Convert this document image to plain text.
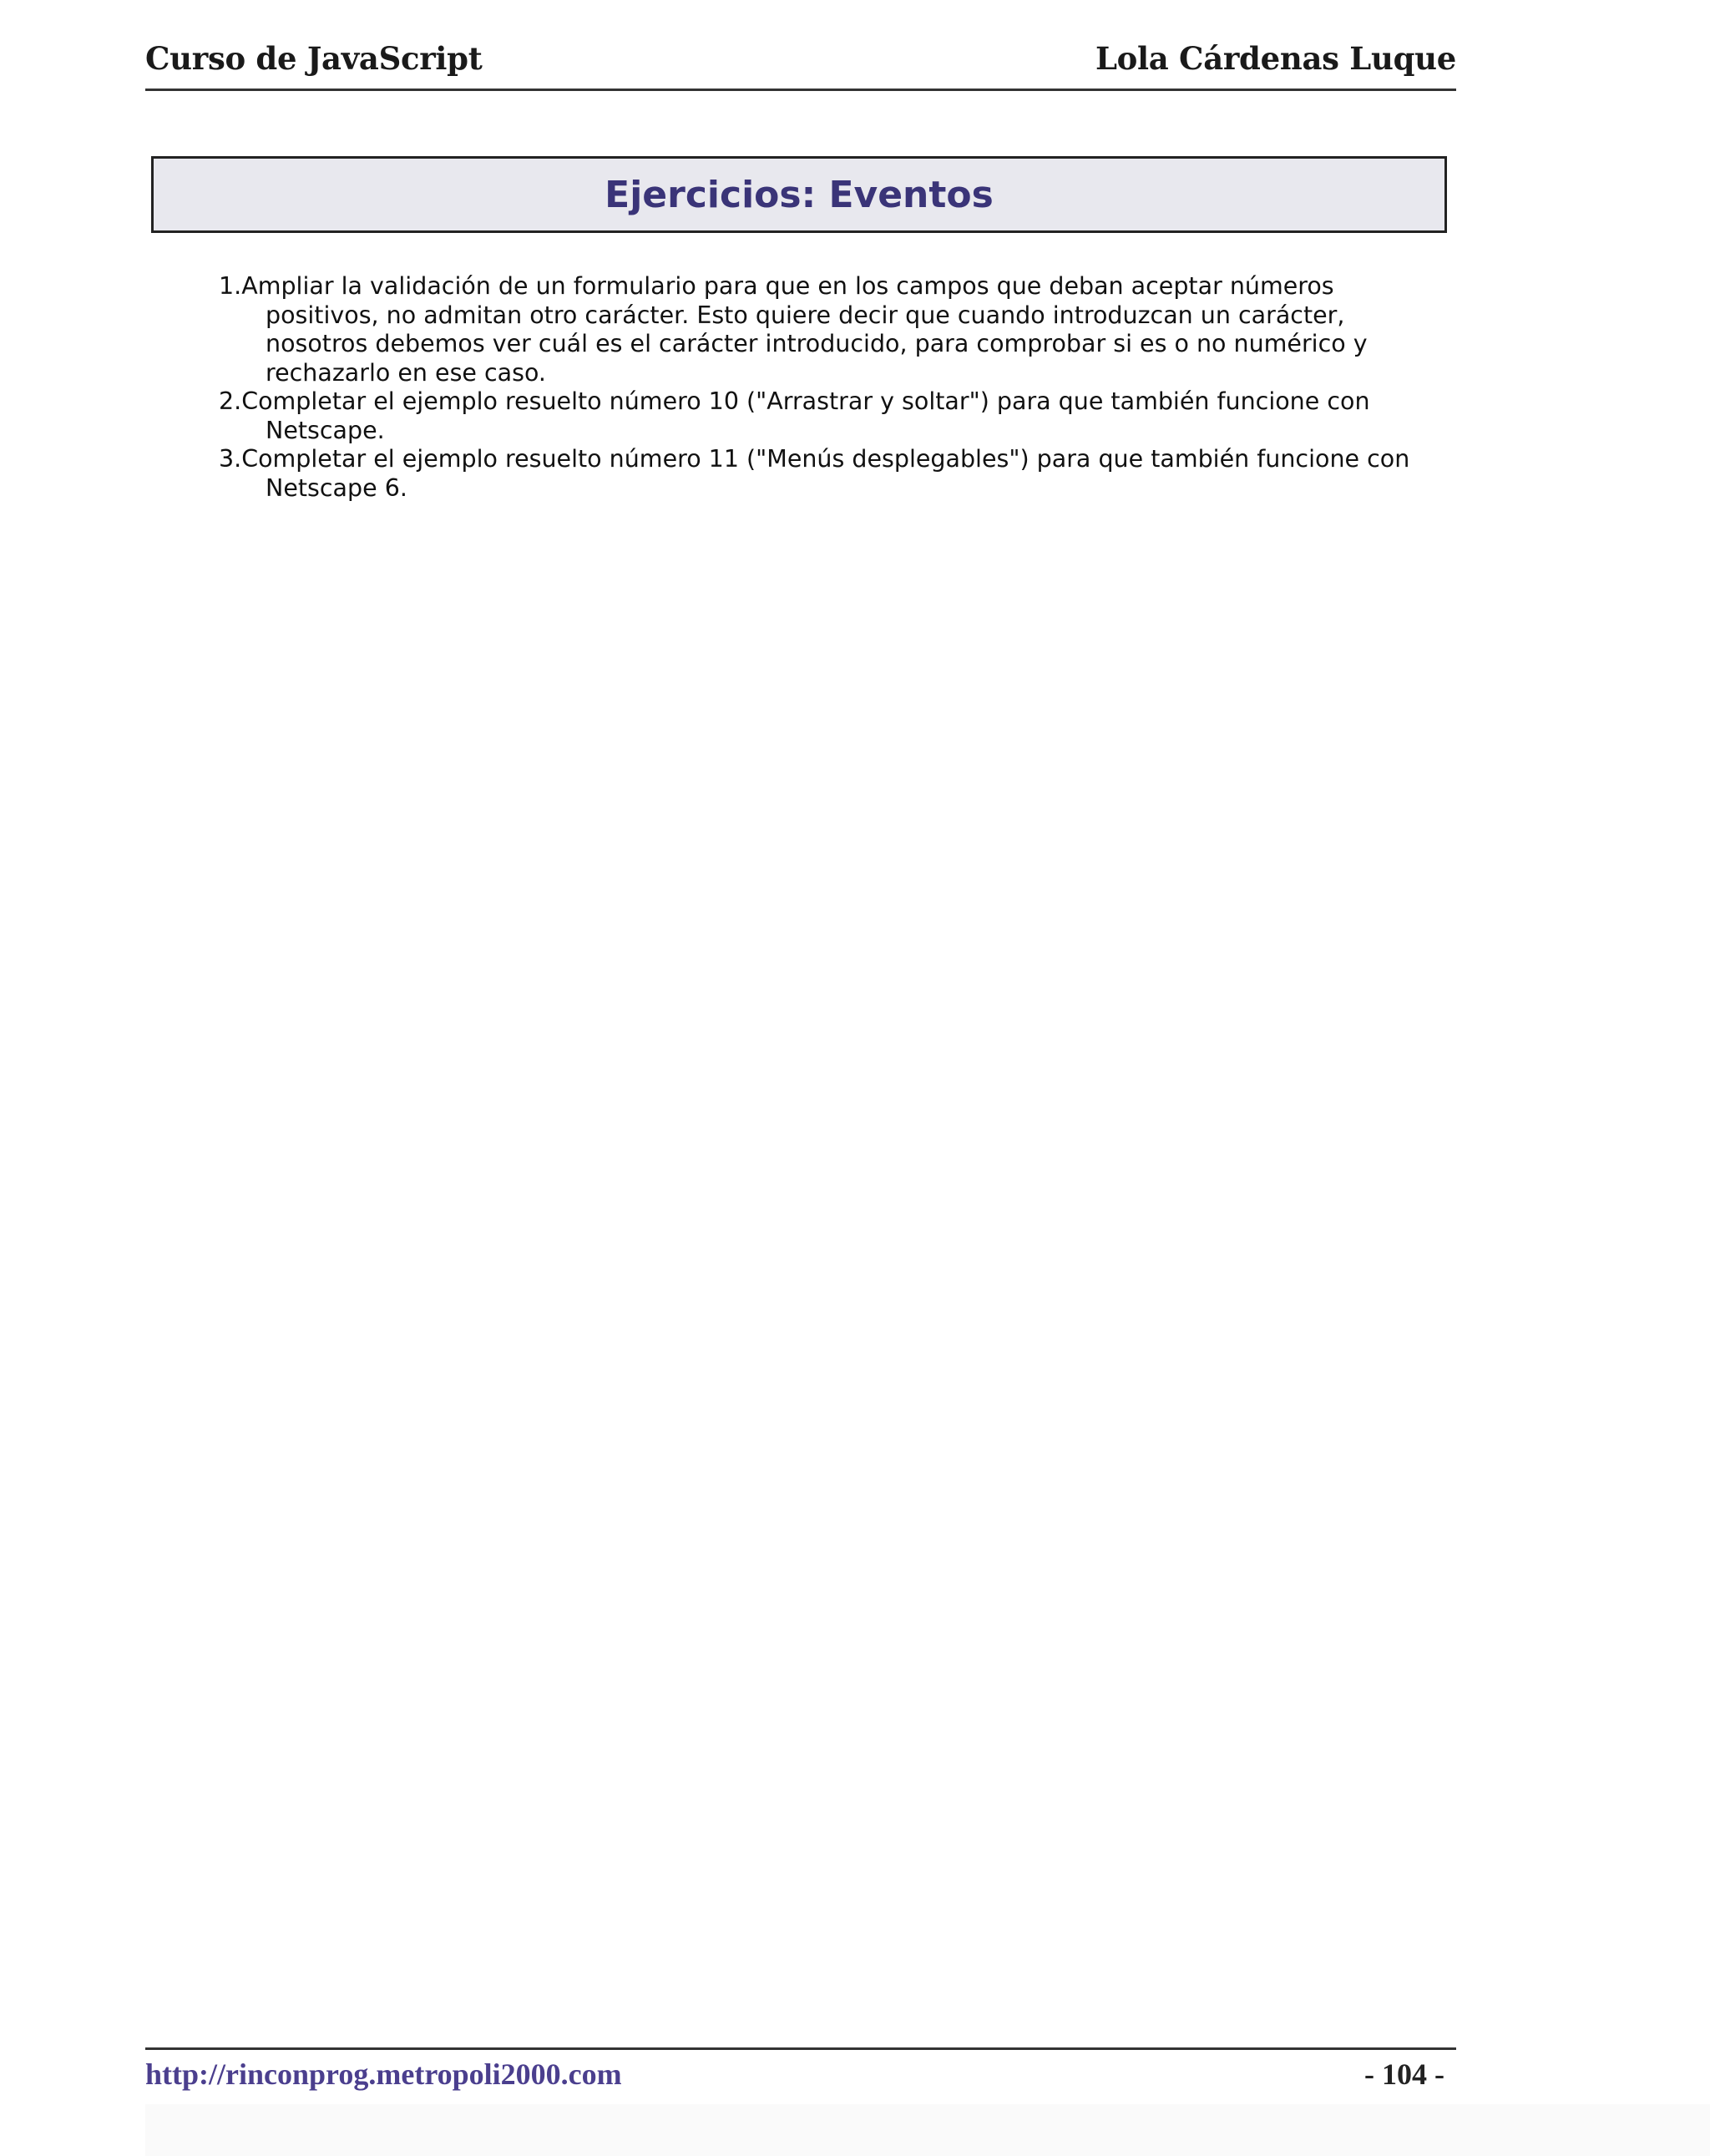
Curso de JavaScript	Lola Cárdenas Luque
Ejercicios: Eventos
1.Ampliar la validación de un formulario para que en los campos que deban aceptar números positivos, no admitan otro carácter. Esto quiere decir que cuando introduzcan un carácter, nosotros debemos ver cuál es el carácter introducido, para comprobar si es o no numérico y rechazarlo en ese caso.
2.Completar el ejemplo resuelto número 10 ("Arrastrar y soltar") para que también funcione con Netscape.
3.Completar el ejemplo resuelto número 11 ("Menús desplegables") para que también funcione con Netscape 6.
http://rinconprog.metropoli2000.com	- 104 -
